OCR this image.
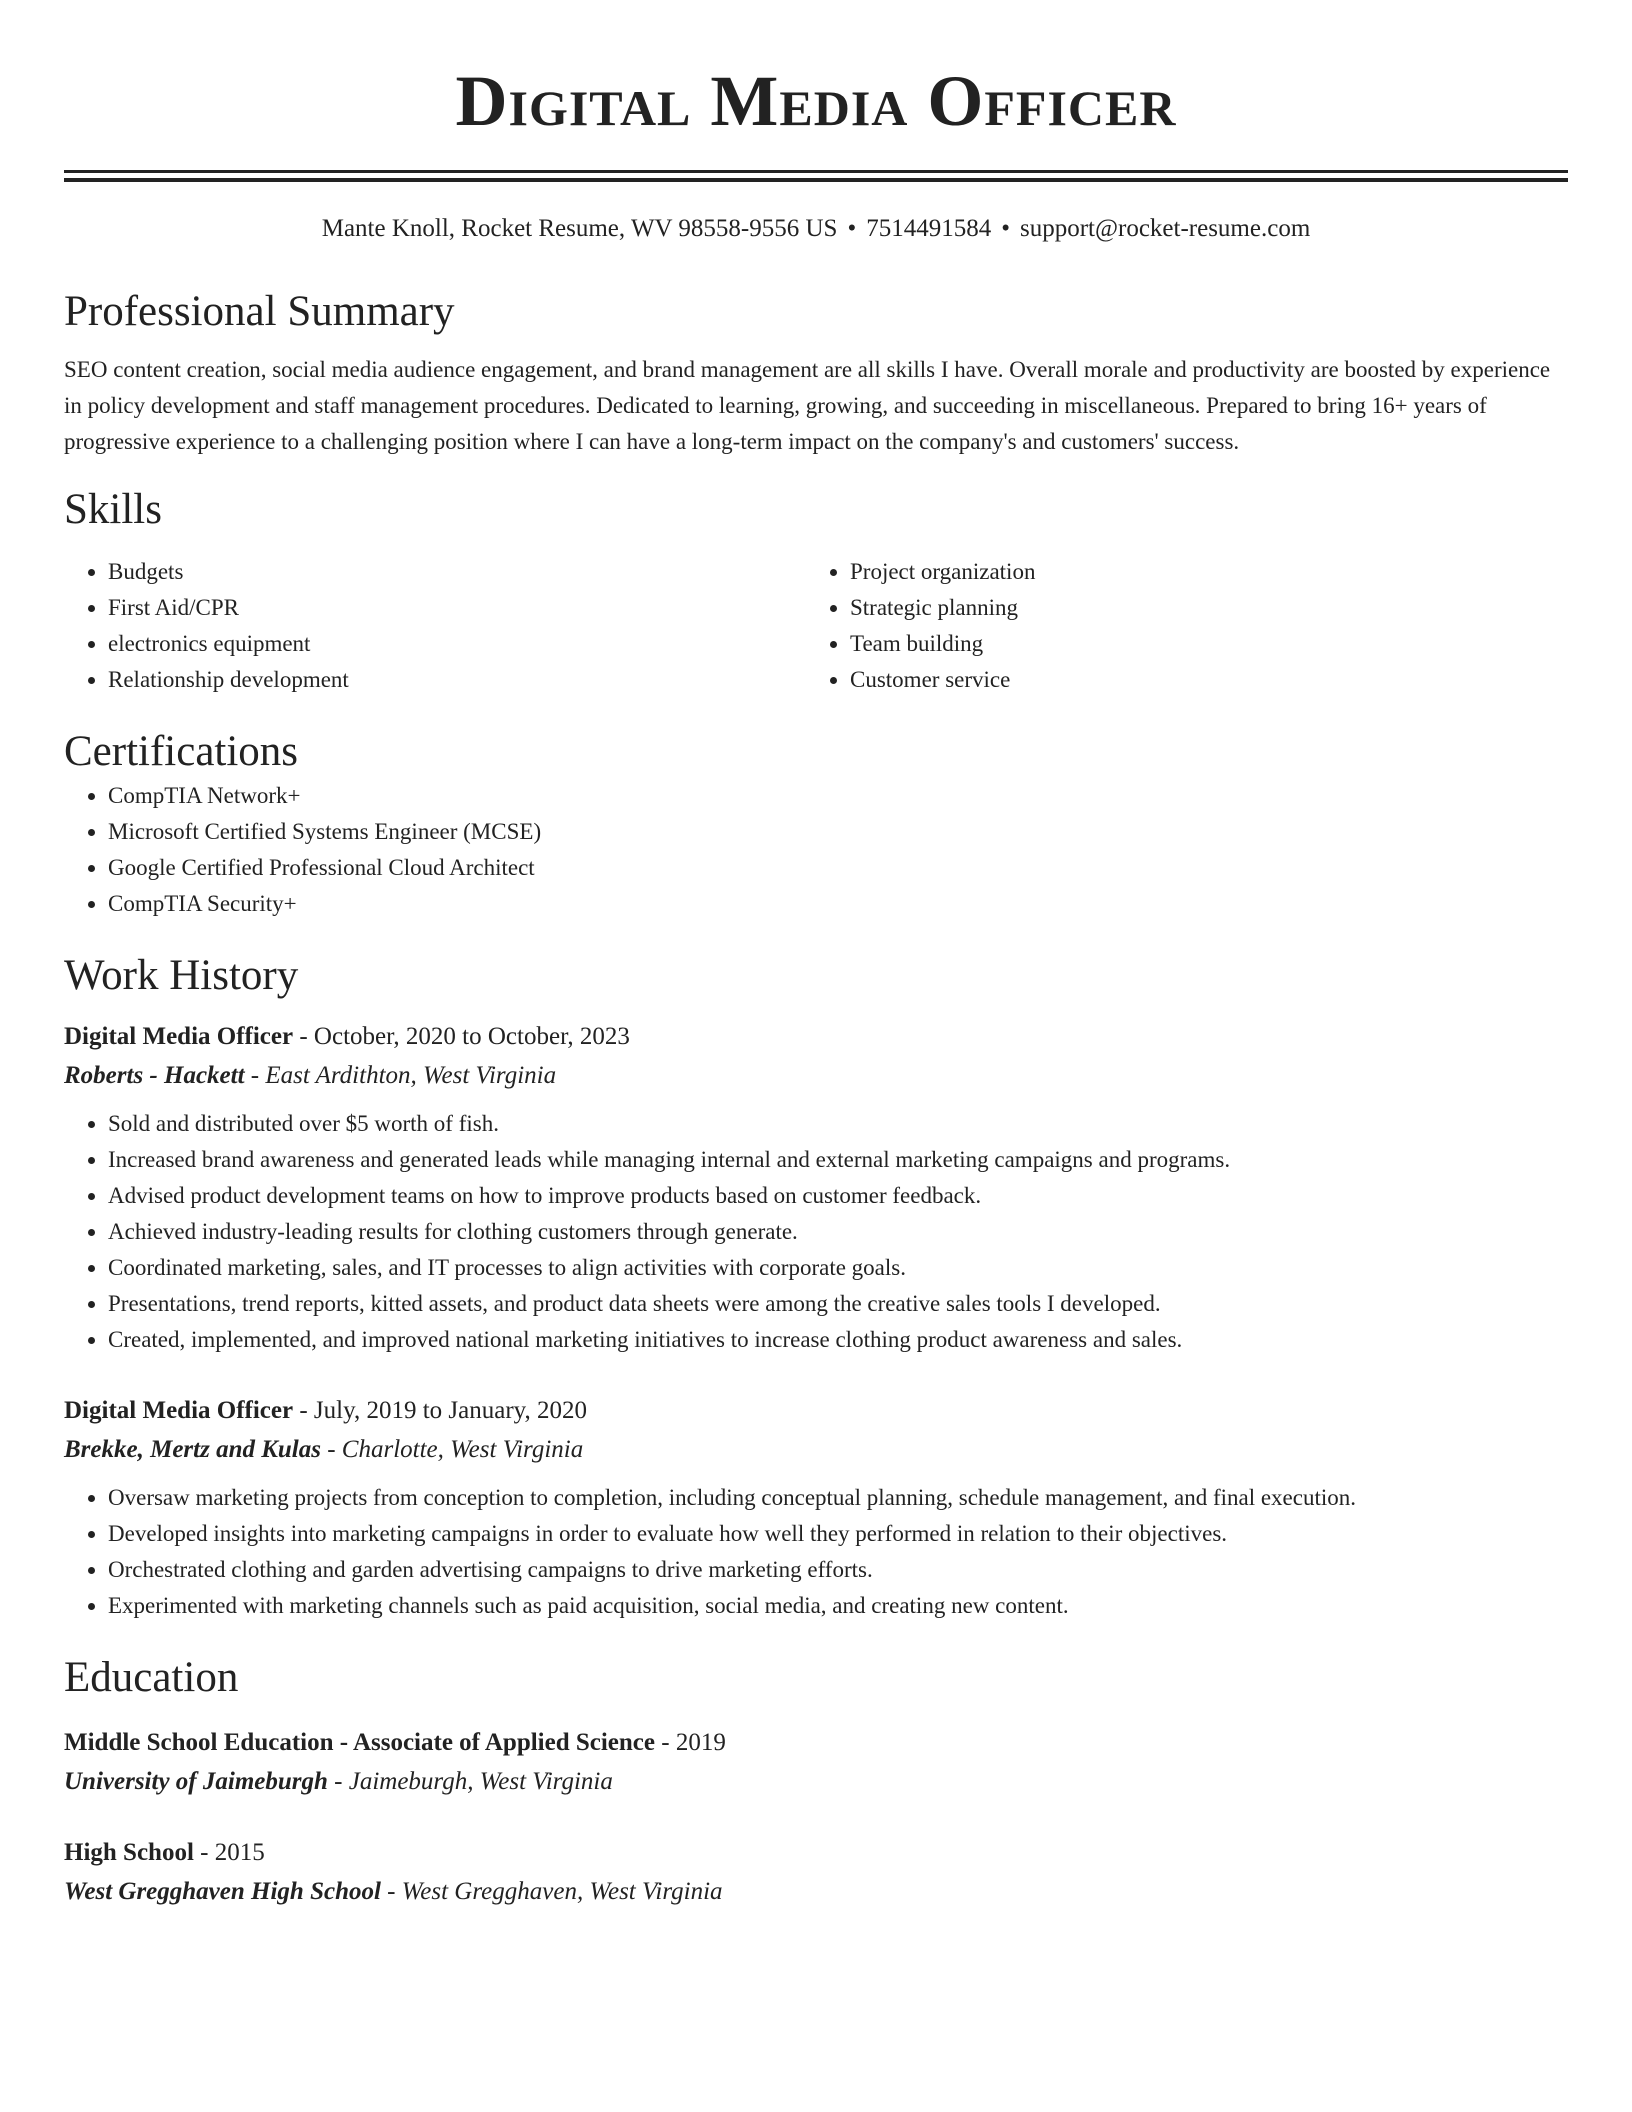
Digital Media Officer
Mante Knoll, Rocket Resume, WV 98558-9556 US • 7514491584 • support@rocket-resume.com
Professional Summary
SEO content creation, social media audience engagement, and brand management are all skills I have. Overall morale and productivity are boosted by experience in policy development and staff management procedures. Dedicated to learning, growing, and succeeding in miscellaneous. Prepared to bring 16+ years of progressive experience to a challenging position where I can have a long-term impact on the company's and customers' success.
Skills
• Budgets
• First Aid/CPR
• electronics equipment
• Relationship development
• Project organization
• Strategic planning
• Team building
• Customer service
Certifications
• CompTIA Network+
• Microsoft Certified Systems Engineer (MCSE)
• Google Certified Professional Cloud Architect
• CompTIA Security+
Work History
Digital Media Officer - October, 2020 to October, 2023
Roberts - Hackett - East Ardithton, West Virginia
• Sold and distributed over $5 worth of fish.
• Increased brand awareness and generated leads while managing internal and external marketing campaigns and programs.
• Advised product development teams on how to improve products based on customer feedback.
• Achieved industry-leading results for clothing customers through generate.
• Coordinated marketing, sales, and IT processes to align activities with corporate goals.
• Presentations, trend reports, kitted assets, and product data sheets were among the creative sales tools I developed.
• Created, implemented, and improved national marketing initiatives to increase clothing product awareness and sales.
Digital Media Officer - July, 2019 to January, 2020
Brekke, Mertz and Kulas - Charlotte, West Virginia
• Oversaw marketing projects from conception to completion, including conceptual planning, schedule management, and final execution.
• Developed insights into marketing campaigns in order to evaluate how well they performed in relation to their objectives.
• Orchestrated clothing and garden advertising campaigns to drive marketing efforts.
• Experimented with marketing channels such as paid acquisition, social media, and creating new content.
Education
Middle School Education - Associate of Applied Science - 2019
University of Jaimeburgh - Jaimeburgh, West Virginia
High School - 2015
West Gregghaven High School - West Gregghaven, West Virginia
